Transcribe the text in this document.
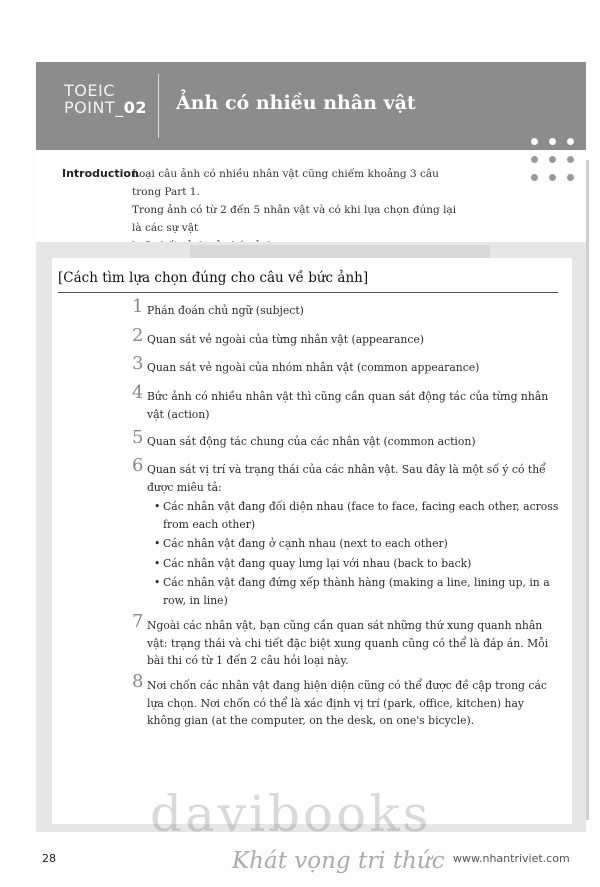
TOEIC
POINT_02 Ảnh có nhiều nhân vật
Introduction
Loại câu ảnh có nhiều nhân vật cũng chiếm khoảng 3 câu trong Part 1.
Trong ảnh có từ 2 đến 5 nhân vật và có khi lựa chọn đúng lại là các sự vật
[Cách tìm lựa chọn đúng cho câu về bức ảnh]
1 Phán đoán chủ ngữ (subject)
2 Quan sát vẻ ngoài của từng nhân vật (appearance)
3 Quan sát vẻ ngoài của nhóm nhân vật (common appearance)
4 Bức ảnh có nhiều nhân vật thì cũng cần quan sát động tác của từng nhân vật (action)
5 Quan sát động tác chung của các nhân vật (common action)
6 Quan sát vị trí và trạng thái của các nhân vật. Sau đây là một số ý có thể được miêu tả:
• Các nhân vật đang đối diện nhau (face to face, facing each other, across from each other)
• Các nhân vật đang ở cạnh nhau (next to each other)
• Các nhân vật đang quay lưng lại với nhau (back to back)
• Các nhân vật đang đứng xếp thành hàng (making a line, lining up, in a row, in line)
7 Ngoài các nhân vật, bạn cũng cần quan sát những thứ xung quanh nhân vật: trạng thái và chi tiết đặc biệt xung quanh cũng có thể là đáp án. Mỗi bài thi có từ 1 đến 2 câu hỏi loại này.
8 Nơi chốn các nhân vật đang hiện diện cũng có thể được đề cập trong các lựa chọn. Nơi chốn có thể là xác định vị trí (park, office, kitchen) hay không gian (at the computer, on the desk, on one's bicycle).
davibooks
Khát vọng tri thức
28	www.nhantriviet.com
